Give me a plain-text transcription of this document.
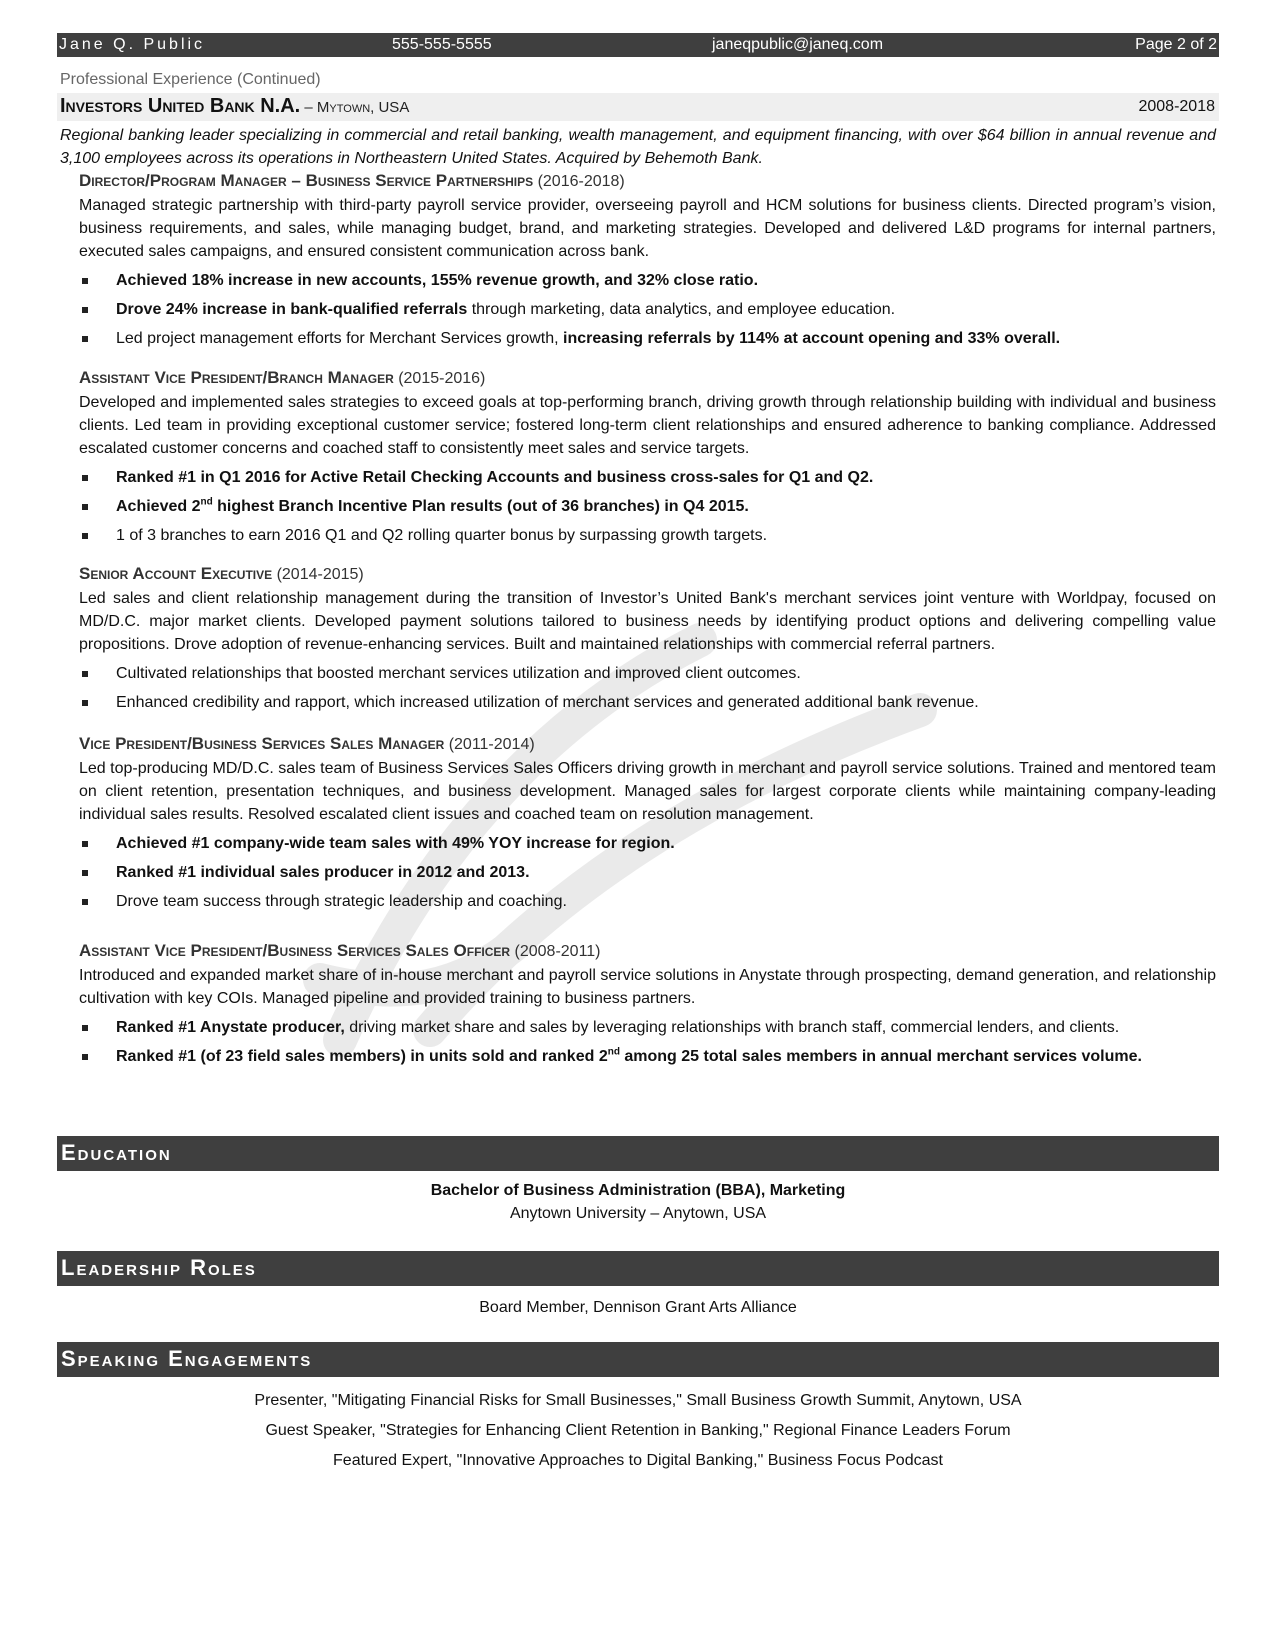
Jane Q. Public	555-555-5555	janeqpublic@janeq.com	Page 2 of 2
Professional Experience (Continued)
Investors United Bank N.A. – Mytown, USA	2008-2018
Regional banking leader specializing in commercial and retail banking, wealth management, and equipment financing, with over $64 billion in annual revenue and 3,100 employees across its operations in Northeastern United States. Acquired by Behemoth Bank.
Director/Program Manager – Business Service Partnerships (2016-2018)
Managed strategic partnership with third-party payroll service provider, overseeing payroll and HCM solutions for business clients. Directed program’s vision, business requirements, and sales, while managing budget, brand, and marketing strategies. Developed and delivered L&D programs for internal partners, executed sales campaigns, and ensured consistent communication across bank.
Achieved 18% increase in new accounts, 155% revenue growth, and 32% close ratio.
Drove 24% increase in bank-qualified referrals through marketing, data analytics, and employee education.
Led project management efforts for Merchant Services growth, increasing referrals by 114% at account opening and 33% overall.
Assistant Vice President/Branch Manager (2015-2016)
Developed and implemented sales strategies to exceed goals at top-performing branch, driving growth through relationship building with individual and business clients. Led team in providing exceptional customer service; fostered long-term client relationships and ensured adherence to banking compliance. Addressed escalated customer concerns and coached staff to consistently meet sales and service targets.
Ranked #1 in Q1 2016 for Active Retail Checking Accounts and business cross-sales for Q1 and Q2.
Achieved 2nd highest Branch Incentive Plan results (out of 36 branches) in Q4 2015.
1 of 3 branches to earn 2016 Q1 and Q2 rolling quarter bonus by surpassing growth targets.
Senior Account Executive (2014-2015)
Led sales and client relationship management during the transition of Investor’s United Bank's merchant services joint venture with Worldpay, focused on MD/D.C. major market clients. Developed payment solutions tailored to business needs by identifying product options and delivering compelling value propositions. Drove adoption of revenue-enhancing services. Built and maintained relationships with commercial referral partners.
Cultivated relationships that boosted merchant services utilization and improved client outcomes.
Enhanced credibility and rapport, which increased utilization of merchant services and generated additional bank revenue.
Vice President/Business Services Sales Manager (2011-2014)
Led top-producing MD/D.C. sales team of Business Services Sales Officers driving growth in merchant and payroll service solutions. Trained and mentored team on client retention, presentation techniques, and business development. Managed sales for largest corporate clients while maintaining company-leading individual sales results. Resolved escalated client issues and coached team on resolution management.
Achieved #1 company-wide team sales with 49% YOY increase for region.
Ranked #1 individual sales producer in 2012 and 2013.
Drove team success through strategic leadership and coaching.
Assistant Vice President/Business Services Sales Officer (2008-2011)
Introduced and expanded market share of in-house merchant and payroll service solutions in Anystate through prospecting, demand generation, and relationship cultivation with key COIs. Managed pipeline and provided training to business partners.
Ranked #1 Anystate producer, driving market share and sales by leveraging relationships with branch staff, commercial lenders, and clients.
Ranked #1 (of 23 field sales members) in units sold and ranked 2nd among 25 total sales members in annual merchant services volume.
Education
Bachelor of Business Administration (BBA), Marketing
Anytown University – Anytown, USA
Leadership Roles
Board Member, Dennison Grant Arts Alliance
Speaking Engagements
Presenter, "Mitigating Financial Risks for Small Businesses," Small Business Growth Summit, Anytown, USA
Guest Speaker, "Strategies for Enhancing Client Retention in Banking," Regional Finance Leaders Forum
Featured Expert, "Innovative Approaches to Digital Banking," Business Focus Podcast
